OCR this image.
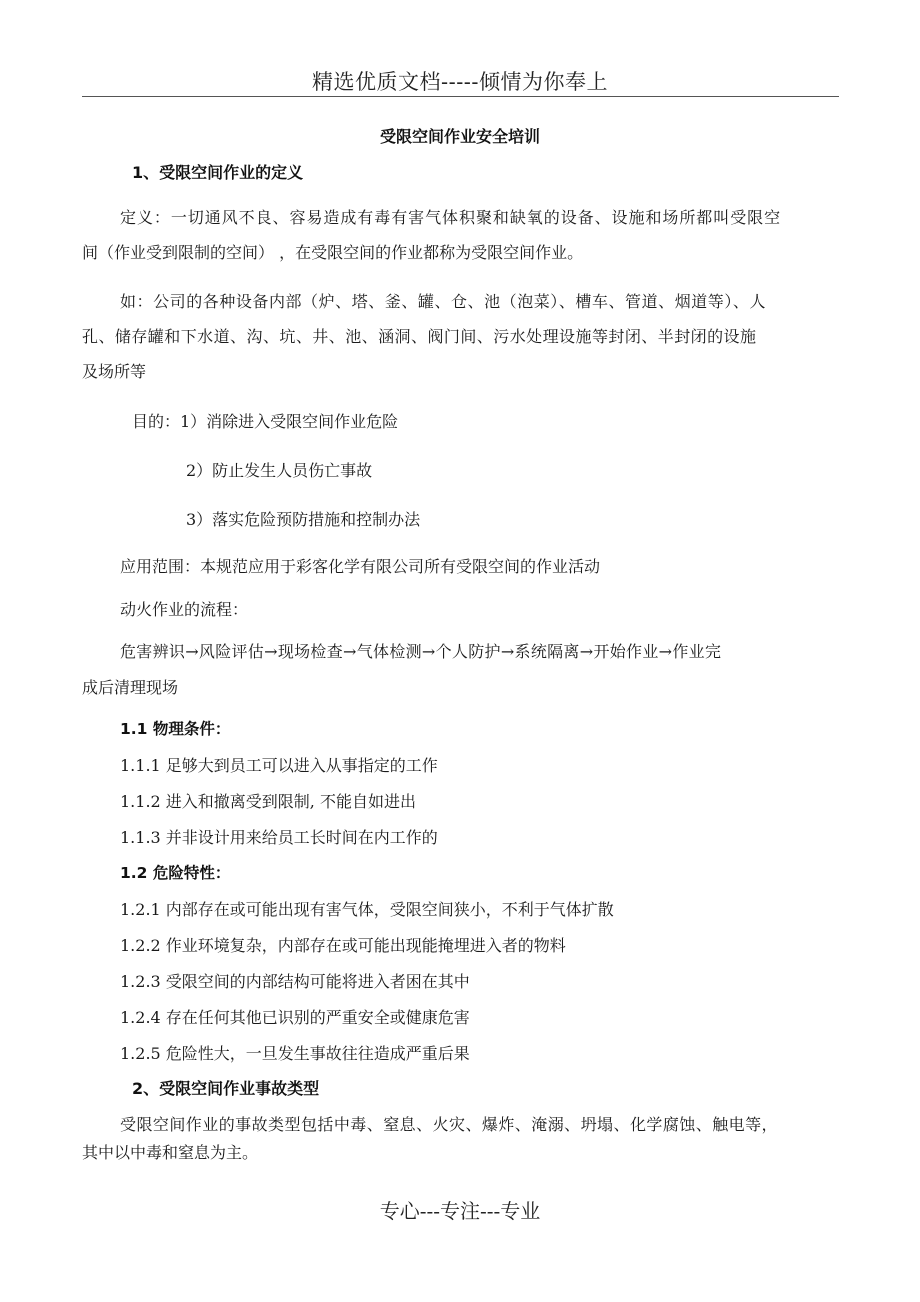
精选优质文档-----倾情为你奉上

受限空间作业安全培训

1、受限空间作业的定义

定义：一切通风不良、容易造成有毒有害气体积聚和缺氧的设备、设施和场所都叫受限空

间（作业受到限制的空间） ，在受限空间的作业都称为受限空间作业。

如：公司的各种设备内部（炉、塔、釜、罐、仓、池（泡菜）、槽车、管道、烟道等）、人

孔、储存罐和下水道、沟、坑、井、池、涵洞、阀门间、污水处理设施等封闭、半封闭的设施

及场所等

目的：1）消除进入受限空间作业危险

2）防止发生人员伤亡事故

3）落实危险预防措施和控制办法

应用范围：本规范应用于彩客化学有限公司所有受限空间的作业活动

动火作业的流程：

危害辨识→风险评估→现场检查→气体检测→个人防护→系统隔离→开始作业→作业完

成后清理现场

1.1 物理条件：

1.1.1 足够大到员工可以进入从事指定的工作

1.1.2 进入和撤离受到限制, 不能自如进出

1.1.3 并非设计用来给员工长时间在内工作的

1.2 危险特性：

1.2.1 内部存在或可能出现有害气体，受限空间狭小，不利于气体扩散

1.2.2 作业环境复杂，内部存在或可能出现能掩埋进入者的物料

1.2.3 受限空间的内部结构可能将进入者困在其中

1.2.4 存在任何其他已识别的严重安全或健康危害

1.2.5 危险性大，一旦发生事故往往造成严重后果

2、受限空间作业事故类型

受限空间作业的事故类型包括中毒、窒息、火灾、爆炸、淹溺、坍塌、化学腐蚀、触电等，

其中以中毒和窒息为主。

专心---专注---专业
